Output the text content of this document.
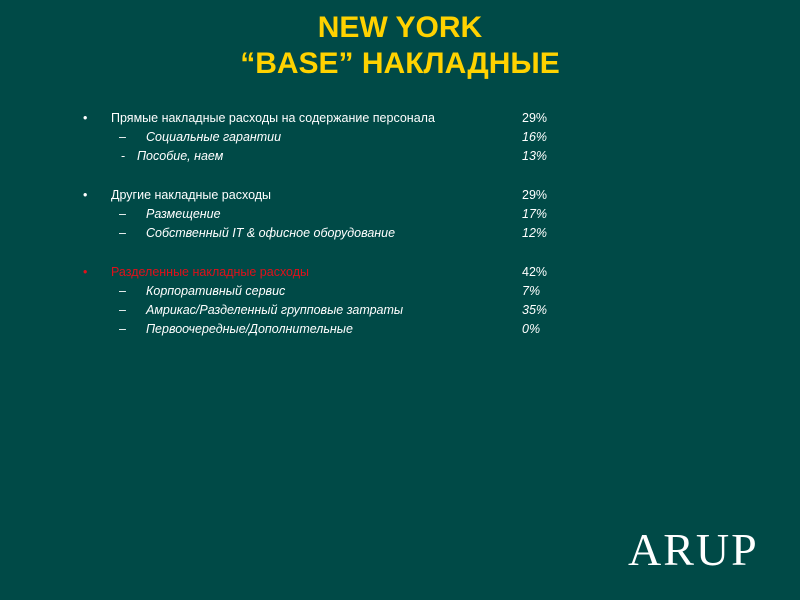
NEW YORK
“BASE” НАКЛАДНЫЕ
• Прямые накладные расходы на содержание персонала	29%
– Социальные гарантии	16%
- Пособие, наем	13%
• Другие накладные расходы	29%
– Размещение	17%
– Собственный IT & офисное оборудование	12%
• Разделенные накладные расходы	42%
– Корпоративный сервис	7%
– Амрикас/Разделенный групповые затраты	35%
– Первоочередные/Дополнительные	0%
ARUP
